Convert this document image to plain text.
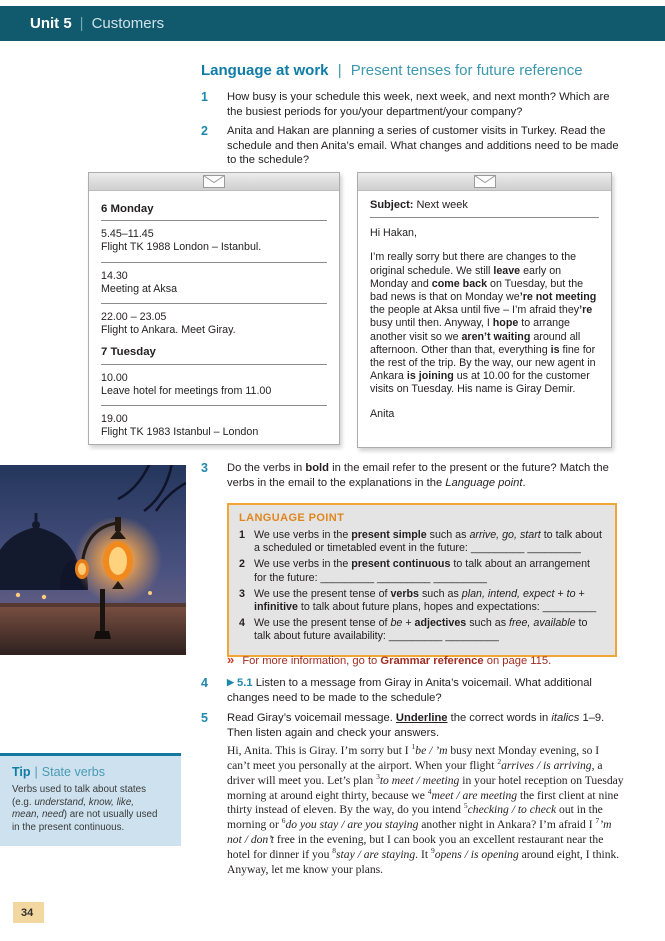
Unit 5 | Customers
Language at work | Present tenses for future reference
1	How busy is your schedule this week, next week, and next month? Which are the busiest periods for you/your department/your company?
2	Anita and Hakan are planning a series of customer visits in Turkey. Read the schedule and then Anita’s email. What changes and additions need to be made to the schedule?
6 Monday
5.45–11.45
Flight TK 1988 London – Istanbul.
14.30
Meeting at Aksa
22.00 – 23.05
Flight to Ankara. Meet Giray.
7 Tuesday
10.00
Leave hotel for meetings from 11.00
19.00
Flight TK 1983 Istanbul – London
Subject: Next week
Hi Hakan,
I’m really sorry but there are changes to the original schedule. We still leave early on Monday and come back on Tuesday, but the bad news is that on Monday we’re not meeting the people at Aksa until five – I’m afraid they’re busy until then. Anyway, I hope to arrange another visit so we aren’t waiting around all afternoon. Other than that, everything is fine for the rest of the trip. By the way, our new agent in Ankara is joining us at 10.00 for the customer visits on Tuesday. His name is Giray Demir.
Anita
3	Do the verbs in bold in the email refer to the present or the future? Match the verbs in the email to the explanations in the Language point.
LANGUAGE POINT
1 We use verbs in the present simple such as arrive, go, start to talk about a scheduled or timetabled event in the future: _________ _________
2 We use verbs in the present continuous to talk about an arrangement for the future: _________ _________ _________
3 We use the present tense of verbs such as plan, intend, expect + to + infinitive to talk about future plans, hopes and expectations: _________
4 We use the present tense of be + adjectives such as free, available to talk about future availability: _________ _________
» For more information, go to Grammar reference on page 115.
4	▶ 5.1 Listen to a message from Giray in Anita’s voicemail. What additional changes need to be made to the schedule?
5	Read Giray’s voicemail message. Underline the correct words in italics 1–9. Then listen again and check your answers.
Hi, Anita. This is Giray. I’m sorry but I $^1$be / ’m busy next Monday evening, so I can’t meet you personally at the airport. When your flight $^2$arrives / is arriving, a driver will meet you. Let’s plan $^3$to meet / meeting in your hotel reception on Tuesday morning at around eight thirty, because we $^4$meet / are meeting the first client at nine thirty instead of eleven. By the way, do you intend $^5$checking / to check out in the morning or $^6$do you stay / are you staying another night in Ankara? I’m afraid I $^7$’m not / don’t free in the evening, but I can book you an excellent restaurant near the hotel for dinner if you $^8$stay / are staying. It $^9$opens / is opening around eight, I think. Anyway, let me know your plans.
Tip | State verbs
Verbs used to talk about states (e.g. understand, know, like, mean, need) are not usually used in the present continuous.
34
